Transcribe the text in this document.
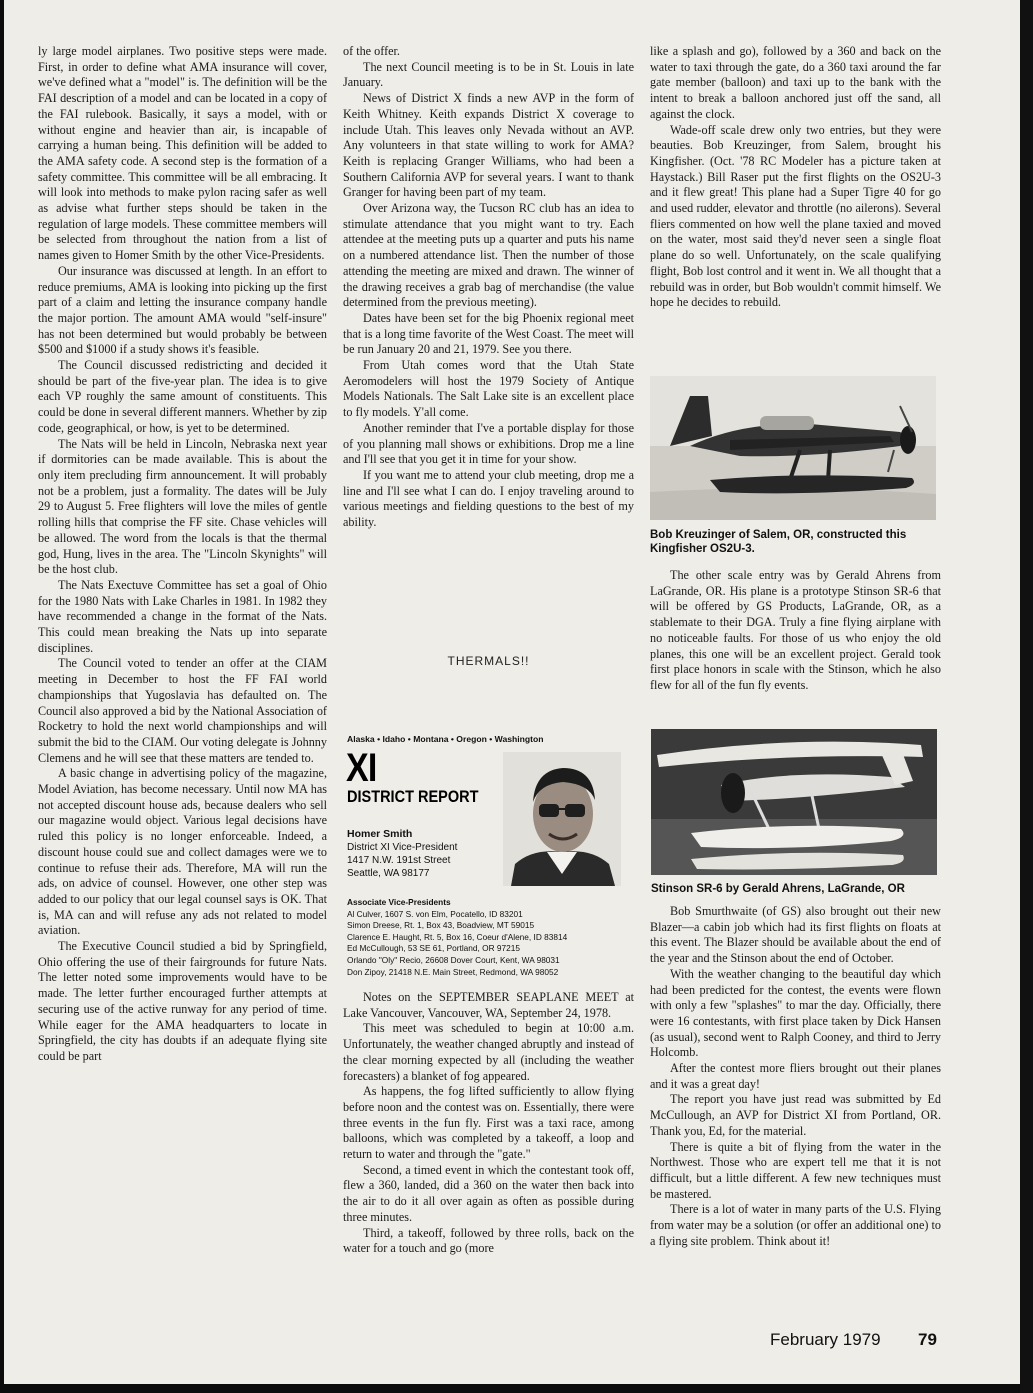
ly large model airplanes. Two positive steps were made. First, in order to define what AMA insurance will cover, we've defined what a "model" is. The definition will be the FAI description of a model and can be located in a copy of the FAI rulebook. Basically, it says a model, with or without engine and heavier than air, is incapable of carrying a human being. This definition will be added to the AMA safety code. A second step is the formation of a safety committee. This committee will be all embracing. It will look into methods to make pylon racing safer as well as advise what further steps should be taken in the regulation of large models. These committee members will be selected from throughout the nation from a list of names given to Homer Smith by the other Vice-Presidents.

Our insurance was discussed at length. In an effort to reduce premiums, AMA is looking into picking up the first part of a claim and letting the insurance company handle the major portion. The amount AMA would "self-insure" has not been determined but would probably be between $500 and $1000 if a study shows it's feasible.

The Council discussed redistricting and decided it should be part of the five-year plan. The idea is to give each VP roughly the same amount of constituents. This could be done in several different manners. Whether by zip code, geographical, or how, is yet to be determined.

The Nats will be held in Lincoln, Nebraska next year if dormitories can be made available. This is about the only item precluding firm announcement. It will probably not be a problem, just a formality. The dates will be July 29 to August 5. Free flighters will love the miles of gentle rolling hills that comprise the FF site. Chase vehicles will be allowed. The word from the locals is that the thermal god, Hung, lives in the area. The "Lincoln Skynights" will be the host club.

The Nats Exectuve Committee has set a goal of Ohio for the 1980 Nats with Lake Charles in 1981. In 1982 they have recommended a change in the format of the Nats. This could mean breaking the Nats up into separate disciplines.

The Council voted to tender an offer at the CIAM meeting in December to host the FF FAI world championships that Yugoslavia has defaulted on. The Council also approved a bid by the National Association of Rocketry to hold the next world championships and will submit the bid to the CIAM. Our voting delegate is Johnny Clemens and he will see that these matters are tended to.

A basic change in advertising policy of the magazine, Model Aviation, has become necessary. Until now MA has not accepted discount house ads, because dealers who sell our magazine would object. Various legal decisions have ruled this policy is no longer enforceable. Indeed, a discount house could sue and collect damages were we to continue to refuse their ads. Therefore, MA will run the ads, on advice of counsel. However, one other step was added to our policy that our legal counsel says is OK. That is, MA can and will refuse any ads not related to model aviation.

The Executive Council studied a bid by Springfield, Ohio offering the use of their fairgrounds for future Nats. The letter noted some improvements would have to be made. The letter further encouraged further attempts at securing use of the active runway for any period of time. While eager for the AMA headquarters to locate in Springfield, the city has doubts if an adequate flying site could be part

of the offer.

The next Council meeting is to be in St. Louis in late January.

News of District X finds a new AVP in the form of Keith Whitney. Keith expands District X coverage to include Utah. This leaves only Nevada without an AVP. Any volunteers in that state willing to work for AMA? Keith is replacing Granger Williams, who had been a Southern California AVP for several years. I want to thank Granger for having been part of my team.

Over Arizona way, the Tucson RC club has an idea to stimulate attendance that you might want to try. Each attendee at the meeting puts up a quarter and puts his name on a numbered attendance list. Then the number of those attending the meeting are mixed and drawn. The winner of the drawing receives a grab bag of merchandise (the value determined from the previous meeting).

Dates have been set for the big Phoenix regional meet that is a long time favorite of the West Coast. The meet will be run January 20 and 21, 1979. See you there.

From Utah comes word that the Utah State Aeromodelers will host the 1979 Society of Antique Models Nationals. The Salt Lake site is an excellent place to fly models. Y'all come.

Another reminder that I've a portable display for those of you planning mall shows or exhibitions. Drop me a line and I'll see that you get it in time for your show.

If you want me to attend your club meeting, drop me a line and I'll see what I can do. I enjoy traveling around to various meetings and fielding questions to the best of my ability.

THERMALS!!
Alaska • Idaho • Montana • Oregon • Washington
XI
DISTRICT REPORT
Homer Smith
District XI Vice-President
1417 N.W. 191st Street
Seattle, WA 98177
Associate Vice-Presidents
Al Culver, 1607 S. von Elm, Pocatello, ID 83201
Simon Dreese, Rt. 1, Box 43, Boadview, MT 59015
Clarence E. Haught, Rt. 5, Box 16, Coeur d'Alene, ID 83814
Ed McCullough, 53 SE 61, Portland, OR 97215
Orlando "Oly" Recio, 26608 Dover Court, Kent, WA 98031
Don Zipoy, 21418 N.E. Main Street, Redmond, WA 98052

Notes on the SEPTEMBER SEAPLANE MEET at Lake Vancouver, Vancouver, WA, September 24, 1978.

This meet was scheduled to begin at 10:00 a.m. Unfortunately, the weather changed abruptly and instead of the clear morning expected by all (including the weather forecasters) a blanket of fog appeared.

As happens, the fog lifted sufficiently to allow flying before noon and the contest was on. Essentially, there were three events in the fun fly. First was a taxi race, among balloons, which was completed by a takeoff, a loop and return to water and through the "gate."

Second, a timed event in which the contestant took off, flew a 360, landed, did a 360 on the water then back into the air to do it all over again as often as possible during three minutes.

Third, a takeoff, followed by three rolls, back on the water for a touch and go (more

like a splash and go), followed by a 360 and back on the water to taxi through the gate, do a 360 taxi around the far gate member (balloon) and taxi up to the bank with the intent to break a balloon anchored just off the sand, all against the clock.

Wade-off scale drew only two entries, but they were beauties. Bob Kreuzinger, from Salem, brought his Kingfisher. (Oct. '78 RC Modeler has a picture taken at Haystack.) Bill Raser put the first flights on the OS2U-3 and it flew great! This plane had a Super Tigre 40 for go and used rudder, elevator and throttle (no ailerons). Several fliers commented on how well the plane taxied and moved on the water, most said they'd never seen a single float plane do so well. Unfortunately, on the scale qualifying flight, Bob lost control and it went in. We all thought that a rebuild was in order, but Bob wouldn't commit himself. We hope he decides to rebuild.

Bob Kreuzinger of Salem, OR, constructed this Kingfisher OS2U-3.

The other scale entry was by Gerald Ahrens from LaGrande, OR. His plane is a prototype Stinson SR-6 that will be offered by GS Products, LaGrande, OR, as a stablemate to their DGA. Truly a fine flying airplane with no noticeable faults. For those of us who enjoy the old planes, this one will be an excellent project. Gerald took first place honors in scale with the Stinson, which he also flew for all of the fun fly events.

Stinson SR-6 by Gerald Ahrens, LaGrande, OR

Bob Smurthwaite (of GS) also brought out their new Blazer—a cabin job which had its first flights on floats at this event. The Blazer should be available about the end of the year and the Stinson about the end of October.

With the weather changing to the beautiful day which had been predicted for the contest, the events were flown with only a few "splashes" to mar the day. Officially, there were 16 contestants, with first place taken by Dick Hansen (as usual), second went to Ralph Cooney, and third to Jerry Holcomb.

After the contest more fliers brought out their planes and it was a great day!

The report you have just read was submitted by Ed McCullough, an AVP for District XI from Portland, OR. Thank you, Ed, for the material.

There is quite a bit of flying from the water in the Northwest. Those who are expert tell me that it is not difficult, but a little different. A few new techniques must be mastered.

There is a lot of water in many parts of the U.S. Flying from water may be a solution (or offer an additional one) to a flying site problem. Think about it!

February 1979 79
